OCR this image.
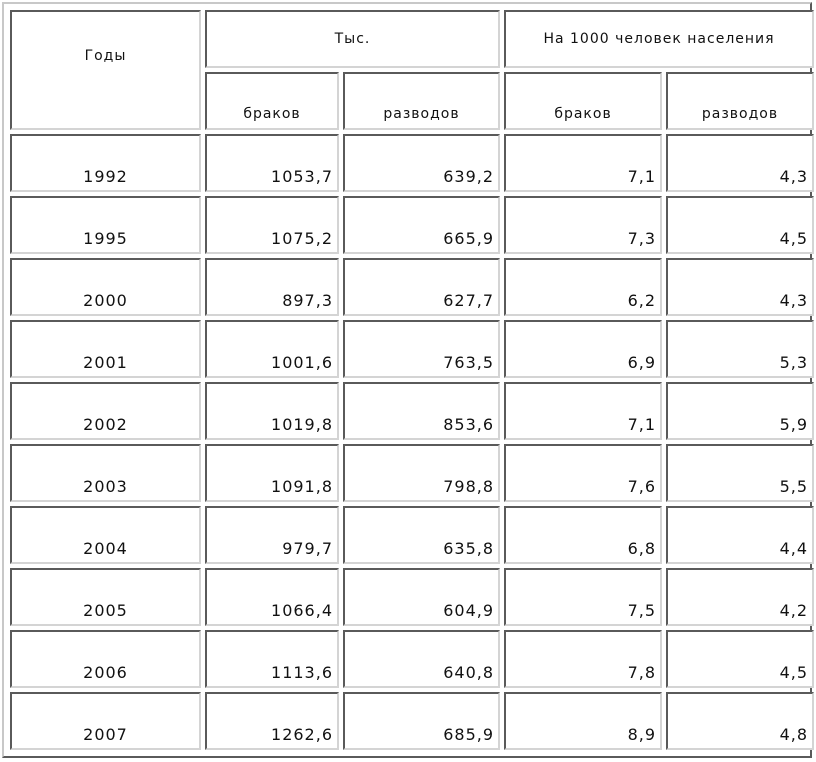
Годы	Тыс.		На 1000 человек населения	
	браков	разводов	браков	разводов
1992	1053,7	639,2	7,1	4,3
1995	1075,2	665,9	7,3	4,5
2000	897,3	627,7	6,2	4,3
2001	1001,6	763,5	6,9	5,3
2002	1019,8	853,6	7,1	5,9
2003	1091,8	798,8	7,6	5,5
2004	979,7	635,8	6,8	4,4
2005	1066,4	604,9	7,5	4,2
2006	1113,6	640,8	7,8	4,5
2007	1262,6	685,9	8,9	4,8
